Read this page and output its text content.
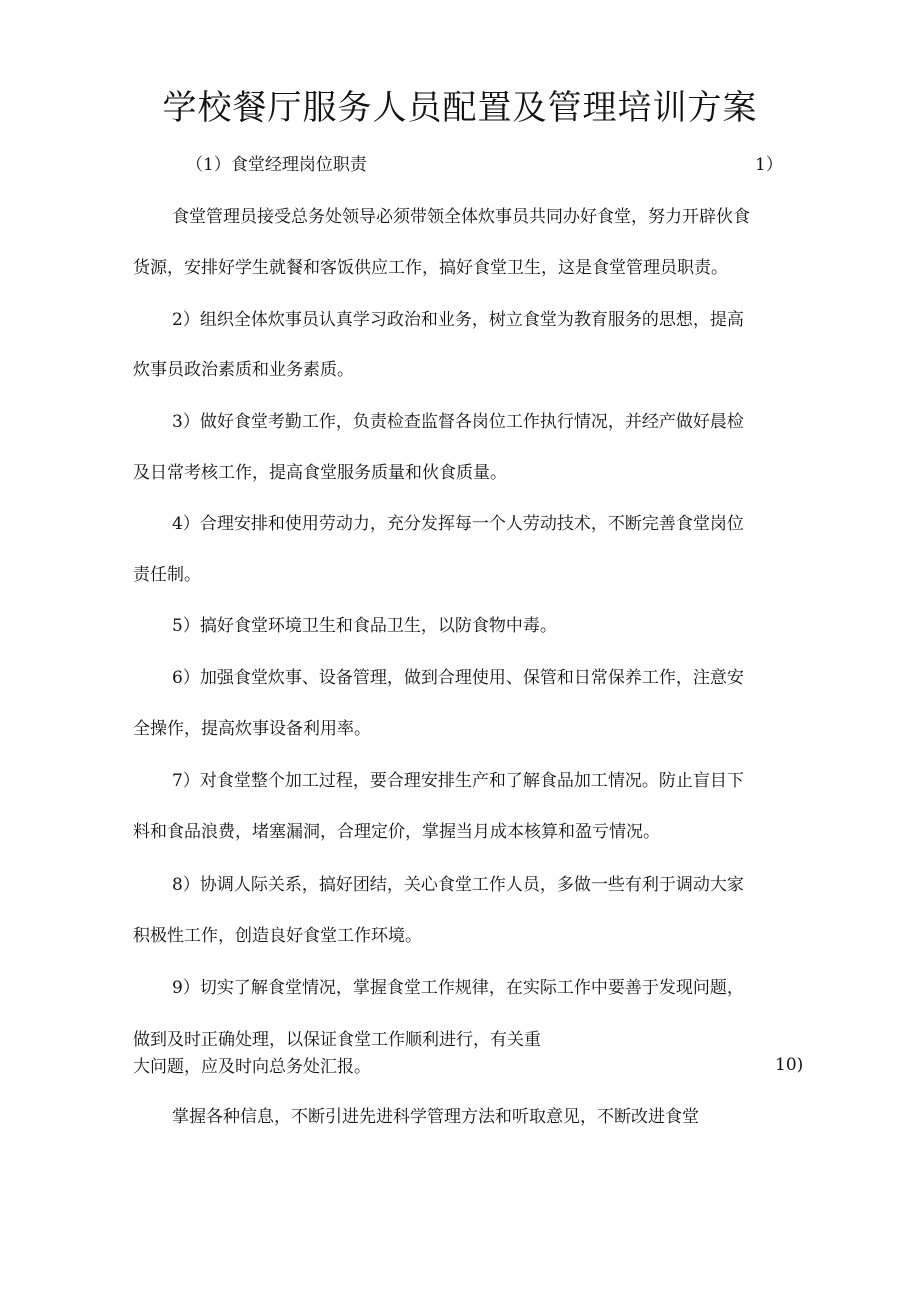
学校餐厅服务人员配置及管理培训方案
（1）食堂经理岗位职责	1）
食堂管理员接受总务处领导必须带领全体炊事员共同办好食堂，努力开辟伙食
货源，安排好学生就餐和客饭供应工作，搞好食堂卫生，这是食堂管理员职责。
2）组织全体炊事员认真学习政治和业务，树立食堂为教育服务的思想，提高
炊事员政治素质和业务素质。
3）做好食堂考勤工作，负责检查监督各岗位工作执行情况，并经产做好晨检
及日常考核工作，提高食堂服务质量和伙食质量。
4）合理安排和使用劳动力，充分发挥每一个人劳动技术，不断完善食堂岗位
责任制。
5）搞好食堂环境卫生和食品卫生，以防食物中毒。
6）加强食堂炊事、设备管理，做到合理使用、保管和日常保养工作，注意安
全操作，提高炊事设备利用率。
7）对食堂整个加工过程，要合理安排生产和了解食品加工情况。防止盲目下
料和食品浪费，堵塞漏洞，合理定价，掌握当月成本核算和盈亏情况。
8）协调人际关系，搞好团结，关心食堂工作人员，多做一些有利于调动大家
积极性工作，创造良好食堂工作环境。
9）切实了解食堂情况，掌握食堂工作规律，在实际工作中要善于发现问题，
做到及时正确处理，以保证食堂工作顺利进行，有关重
大问题，应及时向总务处汇报。	10)
掌握各种信息，不断引进先进科学管理方法和听取意见，不断改进食堂
